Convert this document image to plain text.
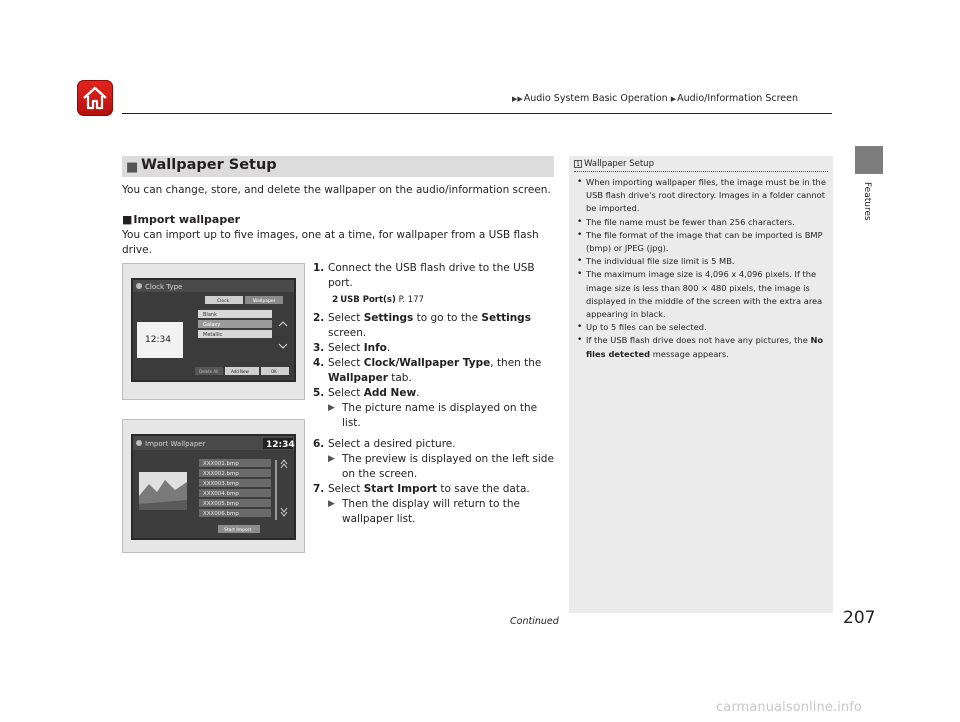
▶▶Audio System Basic Operation ▶Audio/Information Screen
Features
■ Wallpaper Setup
You can change, store, and delete the wallpaper on the audio/information screen.
■Import wallpaper
You can import up to five images, one at a time, for wallpaper from a USB flash
drive.
Clock Type
Clock	Wallpaper
12:34
Blank
Galaxy
Metallic
Delete All	Add New	OK
Import Wallpaper	12:34
XXX001.bmp
XXX002.bmp
XXX003.bmp
XXX004.bmp
XXX005.bmp
XXX006.bmp
Start Import
1. Connect the USB flash drive to the USB port.
2 USB Port(s) P. 177
2. Select Settings to go to the Settings screen.
3. Select Info.
4. Select Clock/Wallpaper Type, then the Wallpaper tab.
5. Select Add New.
▶ The picture name is displayed on the list.
6. Select a desired picture.
▶ The preview is displayed on the left side on the screen.
7. Select Start Import to save the data.
▶ Then the display will return to the wallpaper list.
1 Wallpaper Setup
• When importing wallpaper files, the image must be in the USB flash drive's root directory. Images in a folder cannot be imported.
• The file name must be fewer than 256 characters.
• The file format of the image that can be imported is BMP (bmp) or JPEG (jpg).
• The individual file size limit is 5 MB.
• The maximum image size is 4,096 x 4,096 pixels. If the image size is less than 800 × 480 pixels, the image is displayed in the middle of the screen with the extra area appearing in black.
• Up to 5 files can be selected.
• If the USB flash drive does not have any pictures, the No files detected message appears.
Continued	207
carmanualsonline.info
